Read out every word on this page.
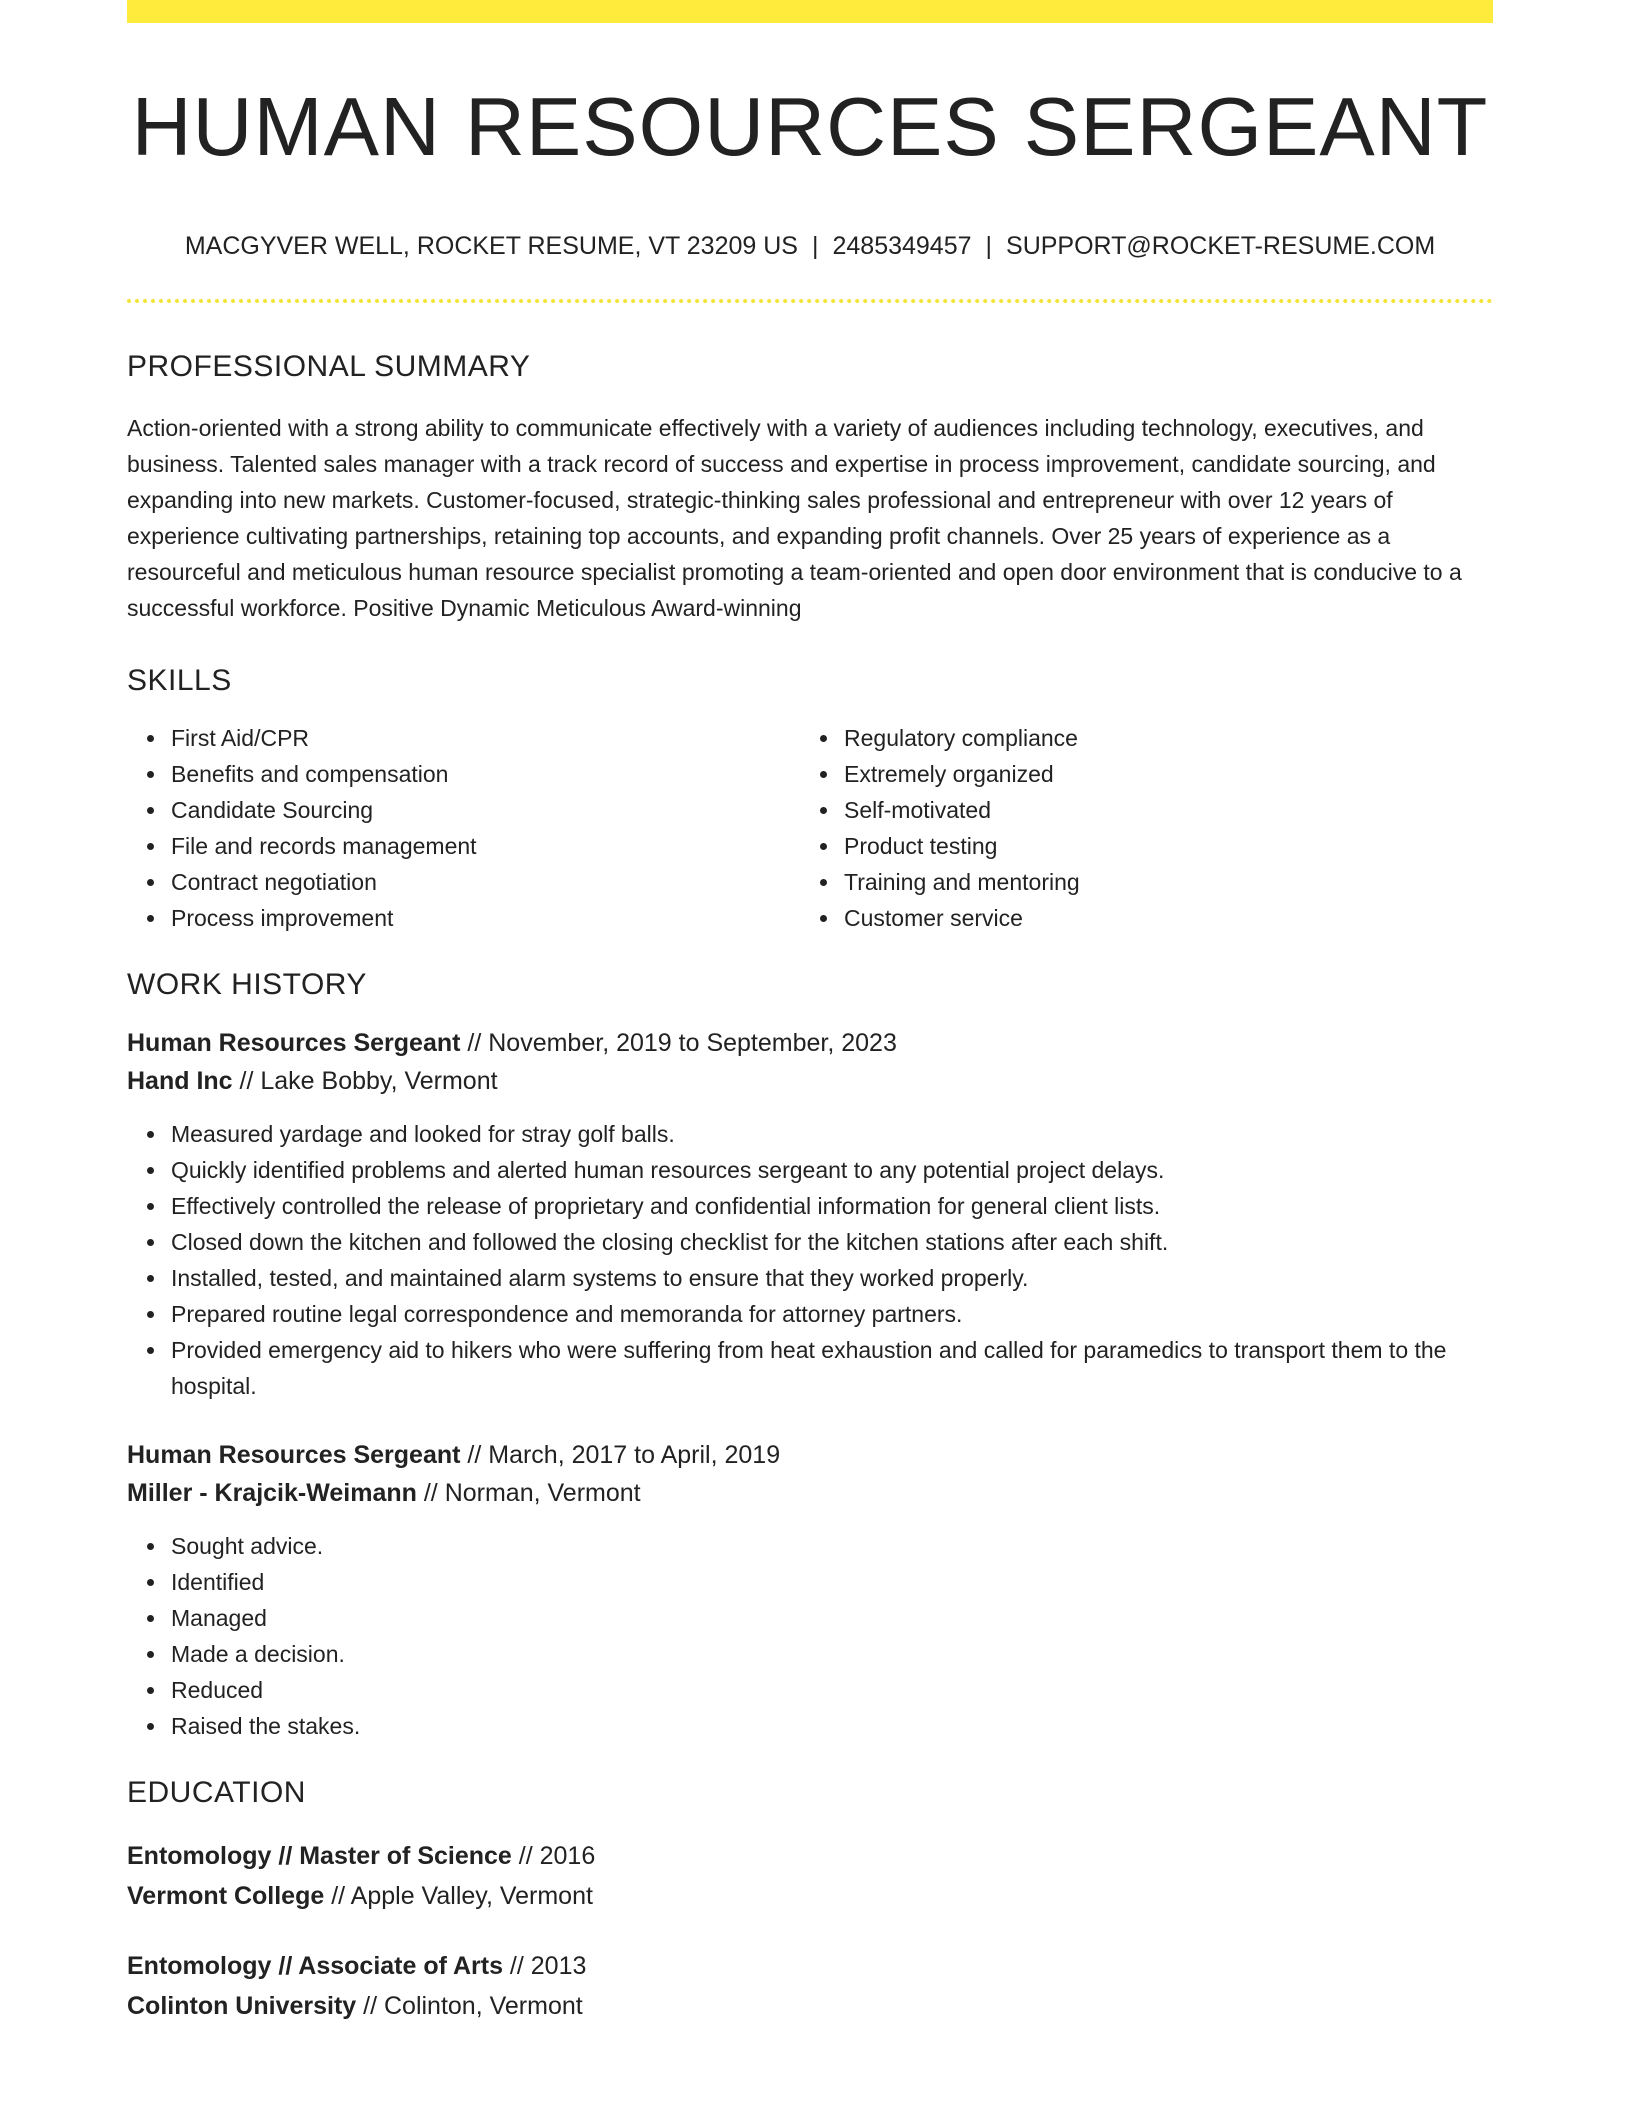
HUMAN RESOURCES SERGEANT
MACGYVER WELL, ROCKET RESUME, VT 23209 US | 2485349457 | SUPPORT@ROCKET-RESUME.COM
PROFESSIONAL SUMMARY

Action-oriented with a strong ability to communicate effectively with a variety of audiences including technology, executives, and business. Talented sales manager with a track record of success and expertise in process improvement, candidate sourcing, and expanding into new markets. Customer-focused, strategic-thinking sales professional and entrepreneur with over 12 years of experience cultivating partnerships, retaining top accounts, and expanding profit channels. Over 25 years of experience as a resourceful and meticulous human resource specialist promoting a team-oriented and open door environment that is conducive to a successful workforce. Positive Dynamic Meticulous Award-winning

SKILLS
First Aid/CPR
Benefits and compensation
Candidate Sourcing
File and records management
Contract negotiation
Process improvement
Regulatory compliance
Extremely organized
Self-motivated
Product testing
Training and mentoring
Customer service
WORK HISTORY
Human Resources Sergeant // November, 2019 to September, 2023
Hand Inc // Lake Bobby, Vermont
Measured yardage and looked for stray golf balls.
Quickly identified problems and alerted human resources sergeant to any potential project delays.
Effectively controlled the release of proprietary and confidential information for general client lists.
Closed down the kitchen and followed the closing checklist for the kitchen stations after each shift.
Installed, tested, and maintained alarm systems to ensure that they worked properly.
Prepared routine legal correspondence and memoranda for attorney partners.
Provided emergency aid to hikers who were suffering from heat exhaustion and called for paramedics to transport them to the hospital.
Human Resources Sergeant // March, 2017 to April, 2019
Miller - Krajcik-Weimann // Norman, Vermont
Sought advice.
Identified
Managed
Made a decision.
Reduced
Raised the stakes.
EDUCATION
Entomology // Master of Science // 2016
Vermont College // Apple Valley, Vermont
Entomology // Associate of Arts // 2013
Colinton University // Colinton, Vermont
